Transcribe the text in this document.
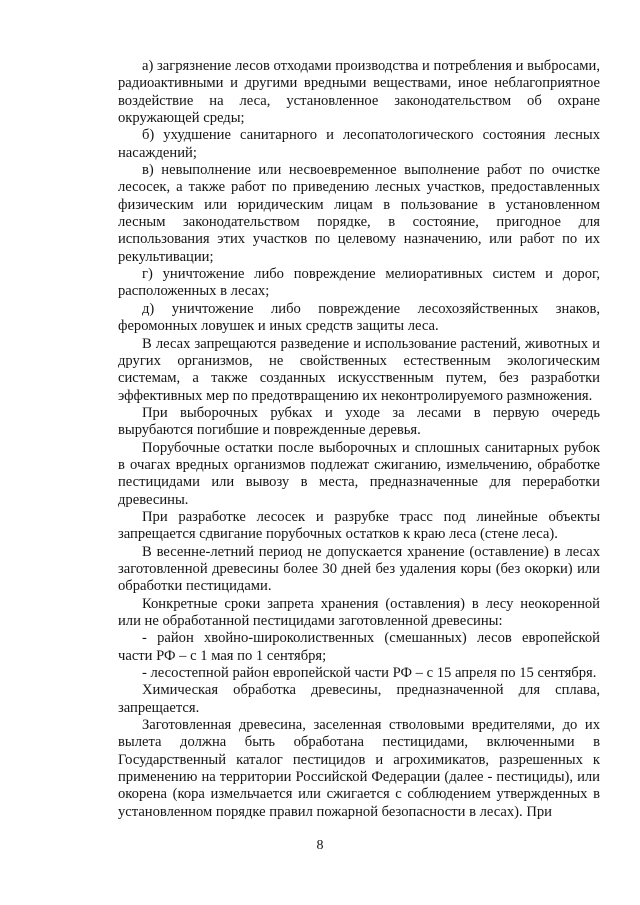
а) загрязнение лесов отходами производства и потребления и выбросами, радиоактивными и другими вредными веществами, иное неблагоприятное воздействие на леса, установленное законодательством об охране окружающей среды;

б) ухудшение санитарного и лесопатологического состояния лесных насаждений;

в) невыполнение или несвоевременное выполнение работ по очистке лесосек, а также работ по приведению лесных участков, предоставленных физическим или юридическим лицам в пользование в установленном лесным законодательством порядке, в состояние, пригодное для использования этих участков по целевому назначению, или работ по их рекультивации;

г) уничтожение либо повреждение мелиоративных систем и дорог, расположенных в лесах;

д) уничтожение либо повреждение лесохозяйственных знаков, феромонных ловушек и иных средств защиты леса.

В лесах запрещаются разведение и использование растений, животных и других организмов, не свойственных естественным экологическим системам, а также созданных искусственным путем, без разработки эффективных мер по предотвращению их неконтролируемого размножения.

При выборочных рубках и уходе за лесами в первую очередь вырубаются погибшие и поврежденные деревья.

Порубочные остатки после выборочных и сплошных санитарных рубок в очагах вредных организмов подлежат сжиганию, измельчению, обработке пестицидами или вывозу в места, предназначенные для переработки древесины.

При разработке лесосек и разрубке трасс под линейные объекты запрещается сдвигание порубочных остатков к краю леса (стене леса).

В весенне-летний период не допускается хранение (оставление) в лесах заготовленной древесины более 30 дней без удаления коры (без окорки) или обработки пестицидами.

Конкретные сроки запрета хранения (оставления) в лесу неокоренной или не обработанной пестицидами заготовленной древесины:

- район хвойно-широколиственных (смешанных) лесов европейской части РФ – с 1 мая по 1 сентября;

- лесостепной район европейской части РФ – с 15 апреля по 15 сентября.

Химическая обработка древесины, предназначенной для сплава, запрещается.

Заготовленная древесина, заселенная стволовыми вредителями, до их вылета должна быть обработана пестицидами, включенными в Государственный каталог пестицидов и агрохимикатов, разрешенных к применению на территории Российской Федерации (далее - пестициды), или окорена (кора измельчается или сжигается с соблюдением утвержденных в установленном порядке правил пожарной безопасности в лесах). При

8
